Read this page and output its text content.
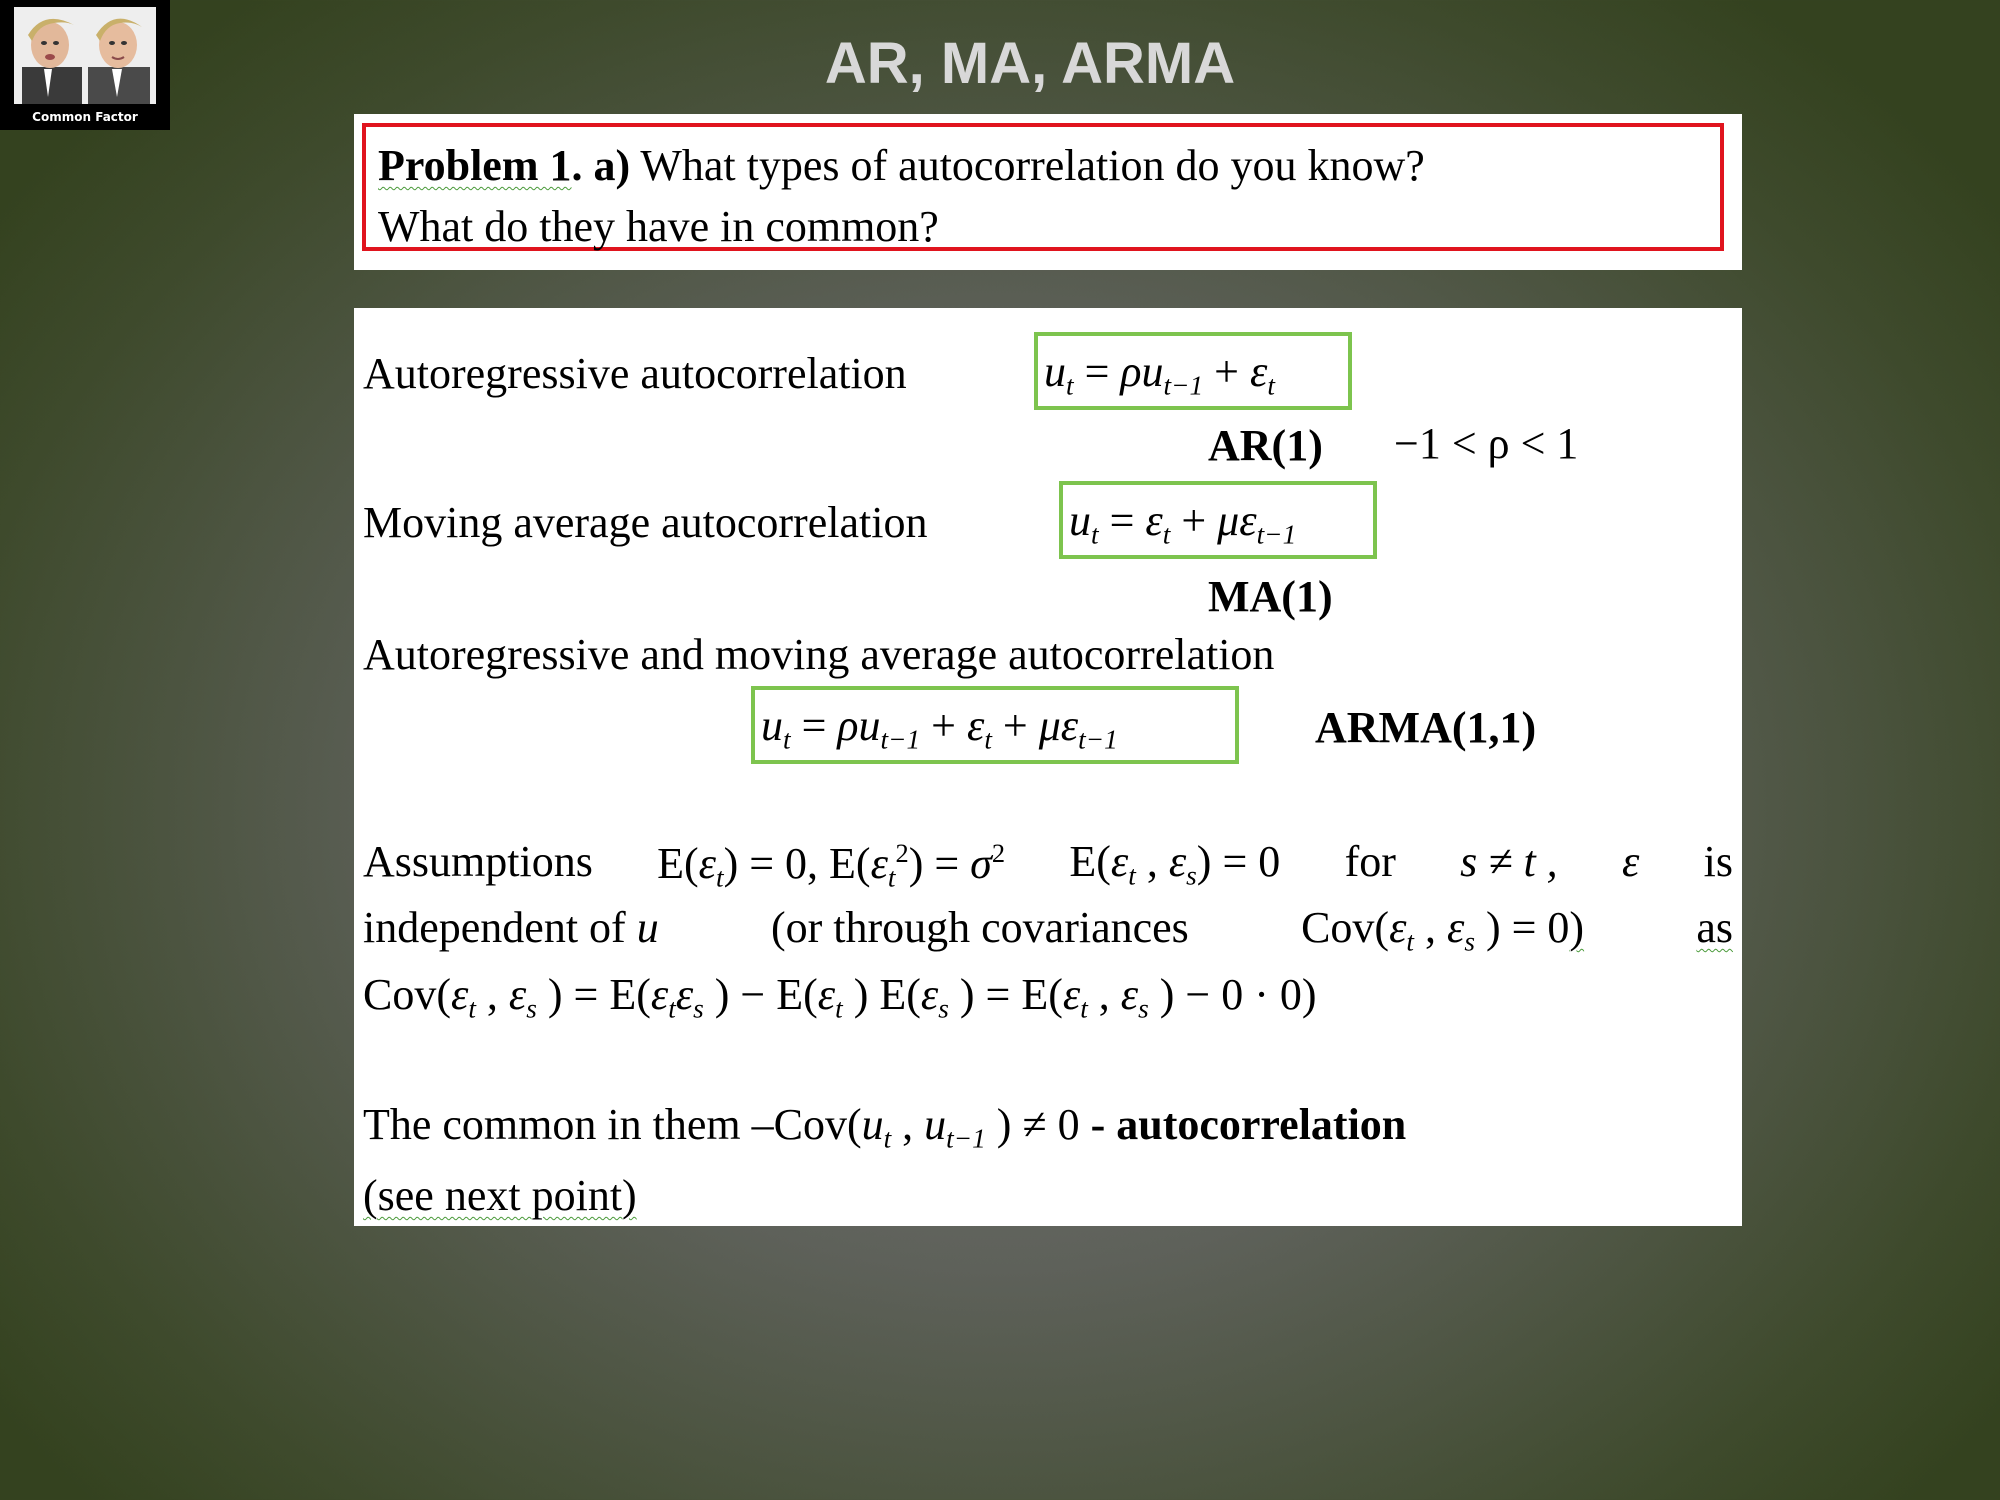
Common Factor
AR, MA, ARMA
Problem 1. a) What types of autocorrelation do you know?
What do they have in common?
Autoregressive autocorrelation	$u_t = \rho u_{t-1} + \varepsilon_t$
AR(1) −1 < ρ < 1
Moving average autocorrelation	$u_t = \varepsilon_t + \mu\varepsilon_{t-1}$
MA(1)
Autoregressive and moving average autocorrelation
$u_t = \rho u_{t-1} + \varepsilon_t + \mu\varepsilon_{t-1}$	ARMA(1,1)
Assumptions $E(\varepsilon_t) = 0$, $E(\varepsilon_t^2) = \sigma^2$ $E(\varepsilon_t$ , $\varepsilon_s) = 0$ for s ≠ t , ε is
independent of u	(or through covariances	$Cov(\varepsilon_t$ , $\varepsilon_s$ ) = 0)	as
$Cov(\varepsilon_t$ , $\varepsilon_s$ ) = $E(\varepsilon_t\varepsilon_s$ ) − $E(\varepsilon_t$ ) $E(\varepsilon_s$ ) = $E(\varepsilon_t$ , $\varepsilon_s$ ) − 0 · 0)
The common in them $-Cov(u_t$ , $u_{t-1}$ ) ≠ 0 - autocorrelation
(see next point)
